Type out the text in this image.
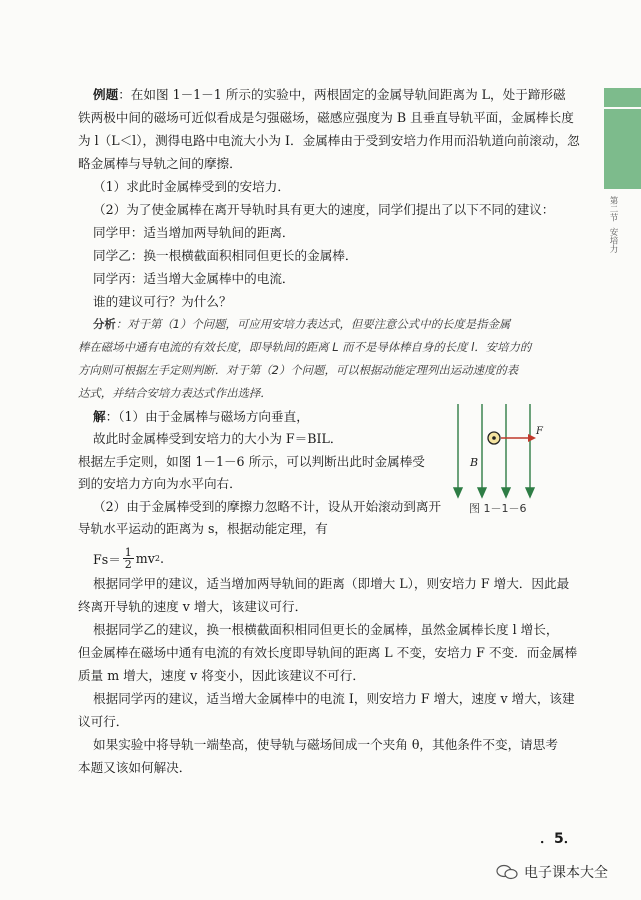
第二节安培力
例题：在如图 1－1－1 所示的实验中，两根固定的金属导轨间距离为 L，处于蹄形磁
铁两极中间的磁场可近似看成是匀强磁场，磁感应强度为 B 且垂直导轨平面，金属棒长度
为 l（L＜l），测得电路中电流大小为 I．金属棒由于受到安培力作用而沿轨道向前滚动，忽
略金属棒与导轨之间的摩擦．
（1）求此时金属棒受到的安培力．
（2）为了使金属棒在离开导轨时具有更大的速度，同学们提出了以下不同的建议：
同学甲：适当增加两导轨间的距离．
同学乙：换一根横截面积相同但更长的金属棒．
同学丙：适当增大金属棒中的电流．
谁的建议可行？为什么？
分析：对于第（1）个问题，可应用安培力表达式，但要注意公式中的长度是指金属
棒在磁场中通有电流的有效长度，即导轨间的距离 L 而不是导体棒自身的长度 l．安培力的
方向则可根据左手定则判断．对于第（2）个问题，可以根据动能定理列出运动速度的表
达式，并结合安培力表达式作出选择．
解：（1）由于金属棒与磁场方向垂直，
故此时金属棒受到安培力的大小为 F＝BIL．
根据左手定则，如图 1－1－6 所示，可以判断出此时金属棒受
到的安培力方向为水平向右．
（2）由于金属棒受到的摩擦力忽略不计，设从开始滚动到离开
导轨水平运动的距离为 s，根据动能定理，有
$Fs= \frac{1}{2}$ mv 2 .
B
F
图 1－1－6
根据同学甲的建议，适当增加两导轨间的距离（即增大 L），则安培力 F 增大．因此最
终离开导轨的速度 v 增大，该建议可行．
根据同学乙的建议，换一根横截面积相同但更长的金属棒，虽然金属棒长度 l 增长，
但金属棒在磁场中通有电流的有效长度即导轨间的距离 L 不变，安培力 F 不变．而金属棒
质量 m 增大，速度 v 将变小，因此该建议不可行．
根据同学丙的建议，适当增大金属棒中的电流 I，则安培力 F 增大，速度 v 增大，该建
议可行．
如果实验中将导轨一端垫高，使导轨与磁场间成一个夹角 θ，其他条件不变，请思考
本题又该如何解决．
．5．
电子课本大全
